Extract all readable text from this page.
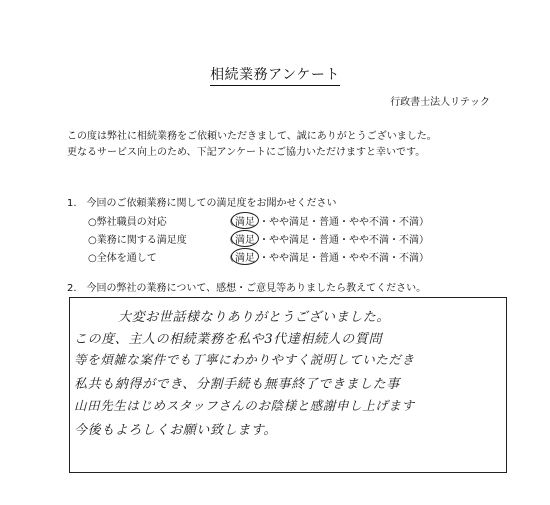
相続業務アンケート
行政書士法人リテック
この度は弊社に相続業務をご依頼いただきまして、誠にありがとうございました。
更なるサービス向上のため、下記アンケートにご協力いただけますと幸いです。
1.　今回のご依頼業務に関しての満足度をお聞かせください
○弊社職員の対応	（満足 ・やや満足・普通・やや不満・不満）
○業務に関する満足度	（満足 ・やや満足・普通・やや不満・不満）
○全体を通して	（満足 ・やや満足・普通・やや不満・不満）
2.　今回の弊社の業務について、感想・ご意見等ありましたら教えてください。
大変お世話様なりありがとうございました。
この度、主人の相続業務を私や3代達相続人の質問
等を煩雑な案件でも丁寧にわかりやすく説明していただき
私共も納得ができ、分割手続も無事終了できました事
山田先生はじめスタッフさんのお陰様と感謝申し上げます
今後もよろしくお願い致します。
